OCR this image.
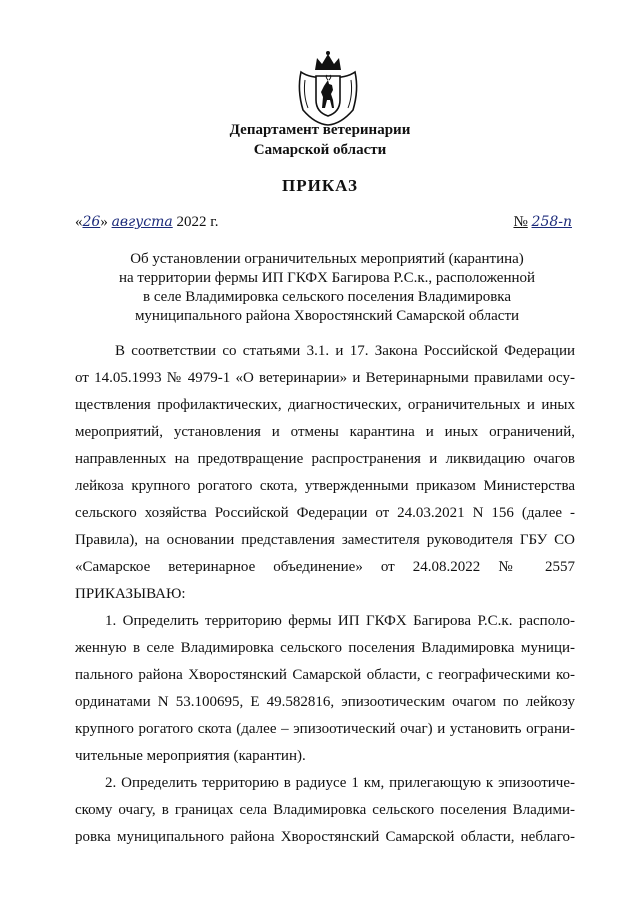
Департамент ветеринарии
Самарской области
ПРИКАЗ
«26» августа 2022 г.	№ 258-п
Об установлении ограничительных мероприятий (карантина)
на территории фермы ИП ГКФХ Багирова Р.С.к., расположенной
в селе Владимировка сельского поселения Владимировка
муниципального района Хворостянский Самарской области
В соответствии со статьями 3.1. и 17. Закона Российской Федерации
от 14.05.1993 № 4979-1 «О ветеринарии» и Ветеринарными правилами осу-
ществления профилактических, диагностических, ограничительных и иных
мероприятий, установления и отмены карантина и иных ограничений,
направленных на предотвращение распространения и ликвидацию очагов
лейкоза крупного рогатого скота, утвержденными приказом Министерства
сельского хозяйства Российской Федерации от 24.03.2021 N 156 (далее -
Правила), на основании представления заместителя руководителя ГБУ СО
«Самарское ветеринарное объединение» от 24.08.2022 № 2557
ПРИКАЗЫВАЮ:
1. Определить территорию фермы ИП ГКФХ Багирова Р.С.к. располо-
женную в селе Владимировка сельского поселения Владимировка муници-
пального района Хворостянский Самарской области, с географическими ко-
ординатами N 53.100695, E 49.582816, эпизоотическим очагом по лейкозу
крупного рогатого скота (далее – эпизоотический очаг) и установить ограни-
чительные мероприятия (карантин).
2. Определить территорию в радиусе 1 км, прилегающую к эпизоотиче-
скому очагу, в границах села Владимировка сельского поселения Владими-
ровка муниципального района Хворостянский Самарской области, неблаго-
